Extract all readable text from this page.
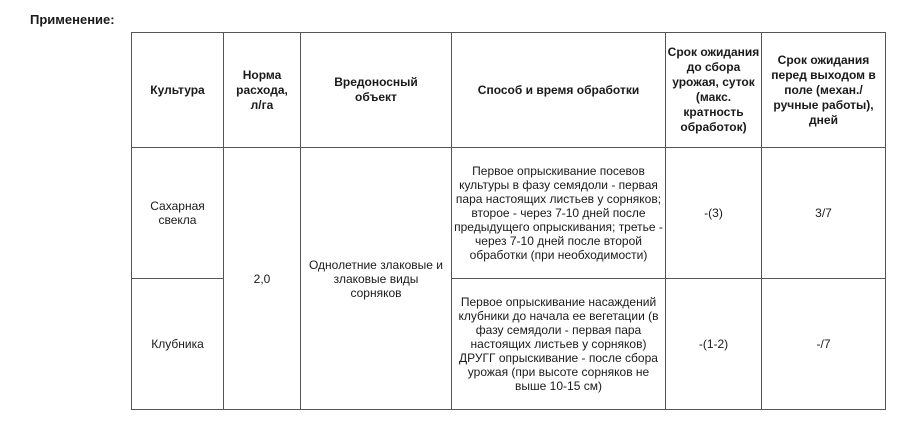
Применение:
Культура	Норма расхода, л/га	Вредоносный объект	Способ и время обработки	Срок ожидания до сбора урожая, суток (макс. кратность обработок)	Срок ожидания перед выходом в поле (механ./ручные работы), дней
Сахарная свекла	2,0	Однолетние злаковые и злаковые виды сорняков	Первое опрыскивание посевов культуры в фазу семядоли - первая пара настоящих листьев у сорняков; второе - через 7-10 дней после предыдущего опрыскивания; третье - через 7-10 дней после второй обработки (при необходимости)	-(3)	3/7
Клубника			Первое опрыскивание насаждений клубники до начала ее вегетации (в фазу семядоли - первая пара настоящих листьев у сорняков) ДРУГГ опрыскивание - после сбора урожая (при высоте сорняков не выше 10-15 см)	-(1-2)	-/7
